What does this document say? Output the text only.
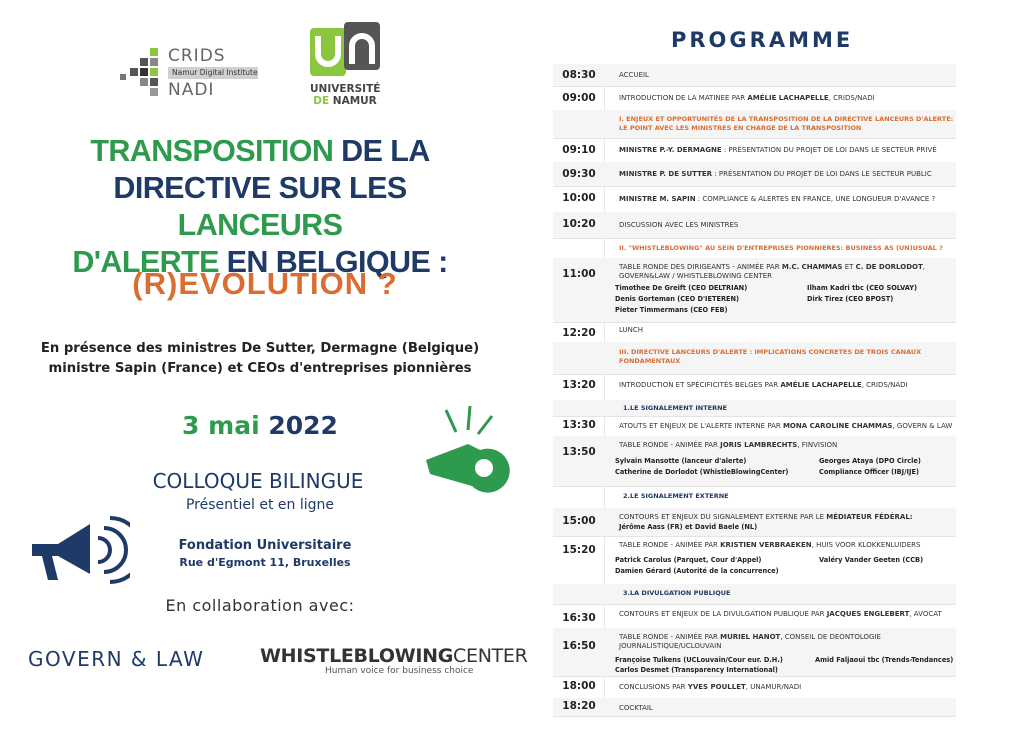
CRIDS
Namur Digital Institute
NADI	UNIVERSITÉ
DE NAMUR
TRANSPOSITION DE LA
DIRECTIVE SUR LES LANCEURS
D'ALERTE EN BELGIQUE :
(R)EVOLUTION ?
En présence des ministres De Sutter, Dermagne (Belgique)
ministre Sapin (France) et CEOs d'entreprises pionnières
3 mai 2022
COLLOQUE BILINGUE
Présentiel et en ligne
Fondation Universitaire
Rue d'Egmont 11, Bruxelles
En collaboration avec:
GOVERN & LAW	WHISTLEBLOWINGCENTER
Human voice for business choice
PROGRAMME
08:30	ACCUEIL
09:00	INTRODUCTION DE LA MATINEE PAR AMÉLIE LACHAPELLE, CRIDS/NADI
I. ENJEUX ET OPPORTUNITÉS DE LA TRANSPOSITION DE LA DIRECTIVE LANCEURS D'ALERTE: LE POINT AVEC LES MINISTRES EN CHARGE DE LA TRANSPOSITION
09:10	MINISTRE P.-Y. DERMAGNE : PRÉSENTATION DU PROJET DE LOI DANS LE SECTEUR PRIVÉ
09:30	MINISTRE P. DE SUTTER : PRÉSENTATION DU PROJET DE LOI DANS LE SECTEUR PUBLIC
10:00	MINISTRE M. SAPIN : COMPLIANCE & ALERTES EN FRANCE, UNE LONGUEUR D'AVANCE ?
10:20	DISCUSSION AVEC LES MINISTRES
II. "WHISTLEBLOWING" AU SEIN D'ENTREPRISES PIONNIERES: BUSINESS AS (UN)USUAL ?
11:00
TABLE RONDE DES DIRIGEANTS - ANIMÉE PAR M.C. CHAMMAS ET C. DE DORLODOT, GOVERN&LAW / WHISTLEBLOWING CENTER
Timothee De Greift (CEO DELTRIAN)	Ilham Kadri tbc (CEO SOLVAY)
Denis Gorteman (CEO D'IETEREN)	Dirk Tirez (CEO BPOST)
Pieter Timmermans (CEO FEB)
12:20	LUNCH
III. DIRECTIVE LANCEURS D'ALERTE : IMPLICATIONS CONCRETES DE TROIS CANAUX FONDAMENTAUX
13:20	INTRODUCTION ET SPÉCIFICITÉS BELGES PAR AMÉLIE LACHAPELLE, CRIDS/NADI
1.LE SIGNALEMENT INTERNE
13:30	ATOUTS ET ENJEUX DE L'ALERTE INTERNE PAR MONA CAROLINE CHAMMAS, GOVERN & LAW
13:50
TABLE RONDE - ANIMÉE PAR JORIS LAMBRECHTS, FINVISION
Sylvain Mansotte (lanceur d'alerte)	Georges Ataya (DPO Circle)
Catherine de Dorlodot (WhistleBlowingCenter)	Compliance Officer (IBJ/IJE)
2.LE SIGNALEMENT EXTERNE
15:00	CONTOURS ET ENJEUX DU SIGNALEMENT EXTERNE PAR LE MÉDIATEUR FÉDÉRAL:
Jérôme Aass (FR) et David Baele (NL)
15:20	TABLE RONDE - ANIMÉE PAR KRISTIEN VERBRAEKEN, HUIS VOOR KLOKKENLUIDERS
Patrick Carolus (Parquet, Cour d'Appel)	Valéry Vander Geeten (CCB)
Damien Gérard (Autorité de la concurrence)
3.LA DIVULGATION PUBLIQUE
16:30	CONTOURS ET ENJEUX DE LA DIVULGATION PUBLIQUE PAR JACQUES ENGLEBERT, AVOCAT
16:50
TABLE RONDE - ANIMÉE PAR MURIEL HANOT, CONSEIL DE DEONTOLOGIE JOURNALISTIQUE/UCLOUVAIN
Françoise Tulkens (UCLouvain/Cour eur. D.H.)	Amid Faljaoui tbc (Trends-Tendances)
Carlos Desmet (Transparency International)
18:00	CONCLUSIONS PAR YVES POULLET, UNAMUR/NADI
18:20	COCKTAIL
